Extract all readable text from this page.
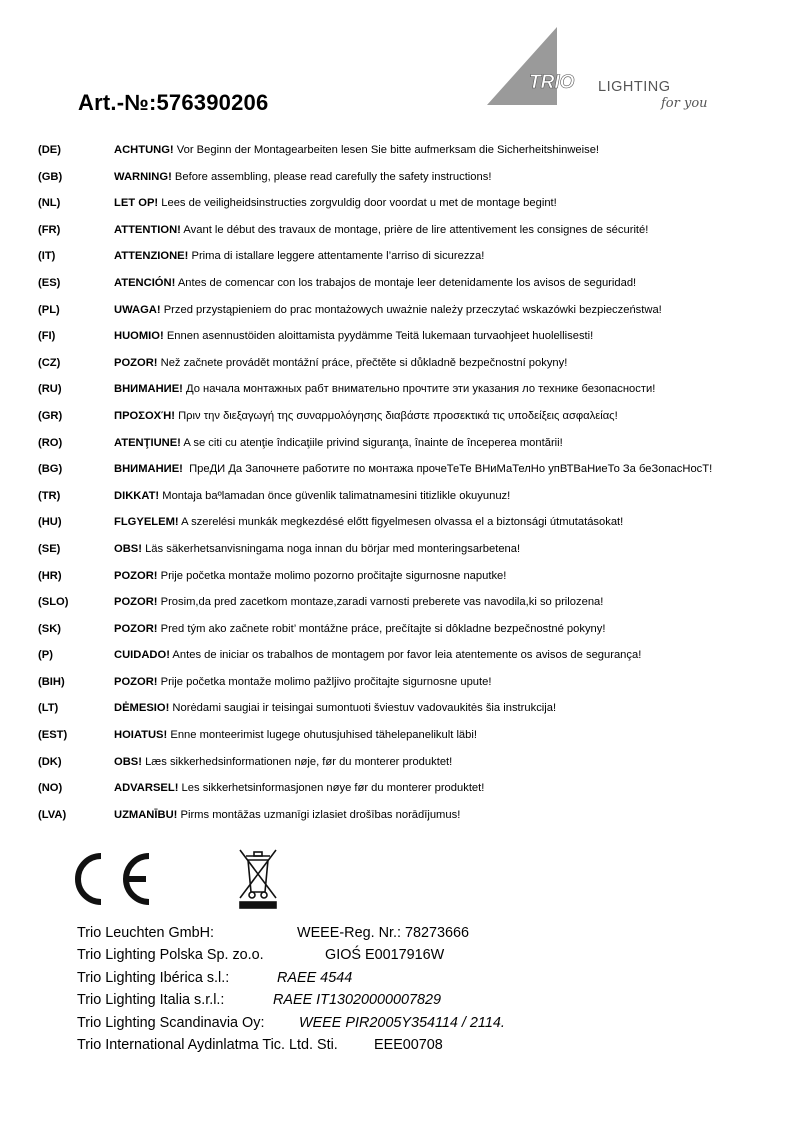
Art.-№:576390206
TRIO LIGHTING
for you
(DE)	ACHTUNG! Vor Beginn der Montagearbeiten lesen Sie bitte aufmerksam die Sicherheitshinweise!
(GB)	WARNING! Before assembling, please read carefully the safety instructions!
(NL)	LET OP! Lees de veiligheidsinstructies zorgvuldig door voordat u met de montage begint!
(FR)	ATTENTION! Avant le début des travaux de montage, prière de lire attentivement les consignes de sécurité!
(IT)	ATTENZIONE! Prima di istallare leggere attentamente l’arriso di sicurezza!
(ES)	ATENCIÓN! Antes de comencar con los trabajos de montaje leer detenidamente los avisos de seguridad!
(PL)	UWAGA! Przed przystąpieniem do prac montażowych uważnie należy przeczytać wskazówki bezpieczeństwa!
(FI)	HUOMIO! Ennen asennustöiden aloittamista pyydämme Teitä lukemaan turvaohjeet huolellisesti!
(CZ)	POZOR! Než začnete provádět montážní práce, přečtěte si důkladně bezpečnostní pokyny!
(RU)	ВНИМАНИЕ! До начала монтажных рабт внимательно прочтите эти указания ло технике безопасности!
(GR)	ΠΡΟΣΟΧΉ! Πριν την διεξαγωγή της συναρμολόγησης διαβάστε προσεκτικά τις υποδείξεις ασφαλείας!
(RO)	ATENŢIUNE! A se citi cu atenţie îndicaţiile privind siguranţa, înainte de începerea montării!
(BG)	ВНИМАНИЕ!  ПреДИ Да Започнете работите по монтажа прочеТеТе ВНиМаТелНо упВТВаНиеТо За беЗопасНосТ!
(TR)	DIKKAT! Montaja baºlamadan önce güvenlik talimatnamesini titizlikle okuyunuz!
(HU)	FLGYELEM! A szerelési munkák megkezdésé előtt figyelmesen olvassa el a biztonsági útmutatásokat!
(SE)	OBS! Läs säkerhetsanvisningama noga innan du börjar med monteringsarbetena!
(HR)	POZOR! Prije početka montaže molimo pozorno pročitajte sigurnosne naputke!
(SLO)	POZOR! Prosim,da pred zacetkom montaze,zaradi varnosti preberete vas navodila,ki so prilozena!
(SK)	POZOR! Pred tým ako začnete robit’ montážne práce, prečítajte si dôkladne bezpečnostné pokyny!
(P)	CUIDADO! Antes de iniciar os trabalhos de montagem por favor leia atentemente os avisos de segurança!
(BIH)	POZOR! Prije početka montaže molimo pažljivo pročitajte sigurnosne upute!
(LT)	DĖMESIO! Norėdami saugiai ir teisingai sumontuoti šviestuv vadovaukitės šia instrukcija!
(EST)	HOIATUS! Enne monteerimist lugege ohutusjuhised tähelepanelikult läbi!
(DK)	OBS! Læs sikkerhedsinformationen nøje, før du monterer produktet!
(NO)	ADVARSEL! Les sikkerhetsinformasjonen nøye før du monterer produktet!
(LVA)	UZMANĪBU! Pirms montāžas uzmanīgi izlasiet drošības norādījumus!
Trio Leuchten GmbH:	WEEE-Reg. Nr.: 78273666
Trio Lighting Polska Sp. zo.o.	GIOŚ E0017916W
Trio Lighting Ibérica s.l.:	RAEE 4544
Trio Lighting Italia s.r.l.:	RAEE IT13020000007829
Trio Lighting Scandinavia Oy: WEEE PIR2005Y354114 / 2114.
Trio International Aydinlatma Tic. Ltd. Sti.	EEE00708
